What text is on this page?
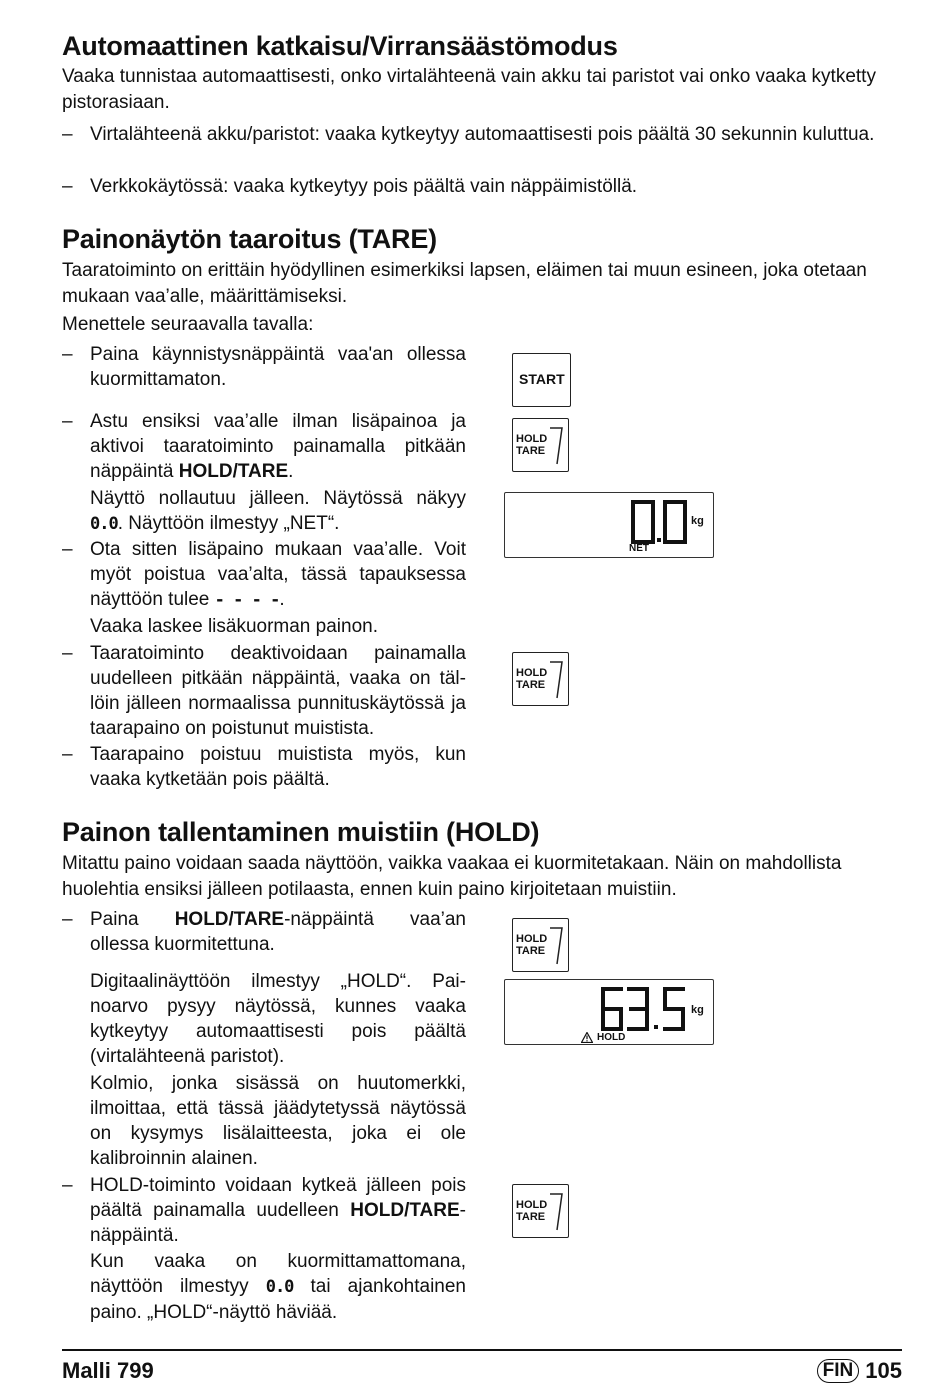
Automaattinen katkaisu/Virransäästömodus

Vaaka tunnistaa automaattisesti, onko virtalähteenä vain akku tai paristot vai onko vaaka kytketty pistorasiaan.

– Virtalähteenä akku/paristot: vaaka kytkeytyy automaattisesti pois päältä 30 sekunnin kuluttua.
– Verkkokäytössä: vaaka kytkeytyy pois päältä vain näppäimistöllä.
Painonäytön taaroitus (TARE)

Taaratoiminto on erittäin hyödyllinen esimerkiksi lapsen, eläimen tai muun esineen, joka otetaan mukaan vaa’alle, määrittämiseksi.

Menettele seuraavalla tavalla:

– Paina käynnistysnäppäintä vaa'an ollessa kuormittamaton.
– Astu ensiksi vaa’alle ilman lisäpainoa ja aktivoi taaratoiminto painamalla pitkään näppäintä HOLD/TARE.
Näyttö nollautuu jälleen. Näytössä näkyy 0.0. Näyttöön ilmestyy „NET“.
– Ota sitten lisäpaino mukaan vaa’alle. Voit myöt poistua vaa’alta, tässä tapauksessa näyttöön tulee - - - -.
Vaaka laskee lisäkuorman painon.
– Taaratoiminto deaktivoidaan painamalla uudelleen pitkään näppäintä, vaaka on tällöin jälleen normaalissa punnituskäytössä ja taarapaino on poistunut muistista.
– Taarapaino poistuu muistista myös, kun vaaka kytketään pois päältä.
Painon tallentaminen muistiin (HOLD)

Mitattu paino voidaan saada näyttöön, vaikka vaakaa ei kuormitetakaan. Näin on mahdollista huolehtia ensiksi jälleen potilaasta, ennen kuin paino kirjoitetaan muistiin.

– Paina HOLD/TARE-näppäintä vaa’an ollessa kuormitettuna.
Digitaalinäyttöön ilmestyy „HOLD“. Painoarvo pysyy näytössä, kunnes vaaka kytkeytyy automaattisesti pois päältä (virtalähteenä paristot).
Kolmio, jonka sisässä on huutomerkki, ilmoittaa, että tässä jäädytetyssä näytössä on kysymys lisälaitteesta, joka ei ole kalibroinnin alainen.
– HOLD-toiminto voidaan kytkeä jälleen pois päältä painamalla uudelleen HOLD/TARE-näppäintä.
Kun vaaka on kuormittamattomana, näyttöön ilmestyy 0.0 tai ajankohtainen paino. „HOLD“-näyttö häviää.
START
HOLD
TARE
HOLD
TARE
HOLD
TARE
HOLD
TARE
NET
kg
HOLD
kg
Malli 799	FIN 105
